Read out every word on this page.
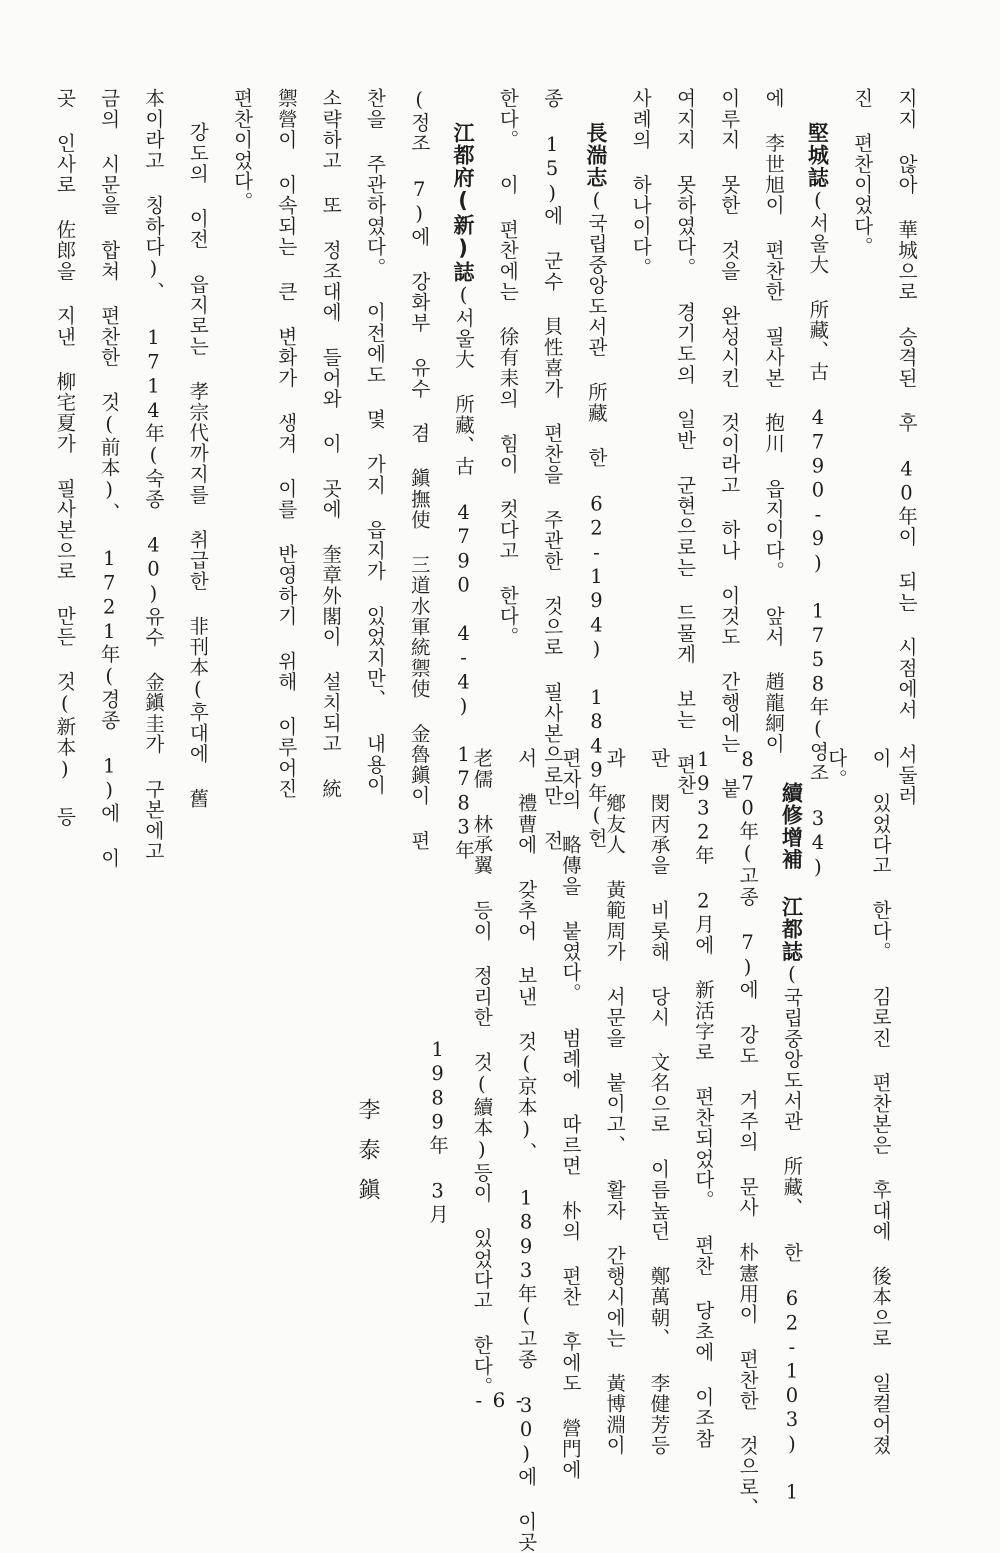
지지 않아 華城으로 승격된 후 40年이 되는 시점에서 서둘러
진 편찬이었다。
堅城誌(서울大 所藏、古 4790-9) 1758年(영조 34)
에 李世旭이 편찬한 필사본 抱川 읍지이다。 앞서 趙龍絅이
이루지 못한 것을 완성시킨 것이라고 하나 이것도 간행에는 붙
여지지 못하였다。 경기도의 일반 군현으로는 드물게 보는 편찬
사례의 하나이다。
長湍志(국립중앙도서관 所藏 한 62-194) 1849年(헌
종 15)에 군수 貝性喜가 편찬을 주관한 것으로 필사본으로만 전
한다。 이 편찬에는 徐有耒의 힘이 컷다고 한다。
江都府(新)誌(서울大 所藏、古 4790 4-4) 1783年
(정조 7)에 강화부 유수 겸 鎭撫使 三道水軍統禦使 金魯鎭이 편
찬을 주관하였다。 이전에도 몇 가지 읍지가 있었지만、 내용이
소략하고 또 정조대에 들어와 이 곳에 奎章外閣이 설치되고 統
禦營이 이속되는 큰 변화가 생겨 이를 반영하기 위해 이루어진
편찬이었다。
강도의 이전 읍지로는 孝宗代까지를 취급한 非刊本(후대에 舊
本이라고 칭하다)、 1714年(숙종 40)유수 金鎭圭가 구본에고
금의 시문을 합쳐 편찬한 것(前本)、 1721年(경종 1)에 이
곳 인사로 佐郎을 지낸 柳宅夏가 필사본으로 만든 것(新本) 등
이 있었다고 한다。 김로진 편찬본은 후대에 後本으로 일컬어졌
다。
續修增補 江都誌(국립중앙도서관 所藏、 한 62-103) 1
870年(고종 7)에 강도 거주의 문사 朴憲用이 편찬한 것으로、
1932年 2月에 新活字로 편찬되었다。 편찬 당초에 이조참
판 閔丙承을 비롯해 당시 文名으로 이름높던 鄭萬朝、 李健芳등
과 鄕友人 黃範周가 서문을 붙이고、 활자 간행시에는 黃博淵이
편자의 略傳을 붙였다。 범례에 따르면 朴의 편찬 후에도 營門에
서 禮曹에 갖추어 보낸 것(京本)、 1893年(고종 30)에 이곳
老儒 林承翼 등이 정리한 것(續本)등이 있었다고 한다。
1989年 3月
李泰鎭
- 6 -
